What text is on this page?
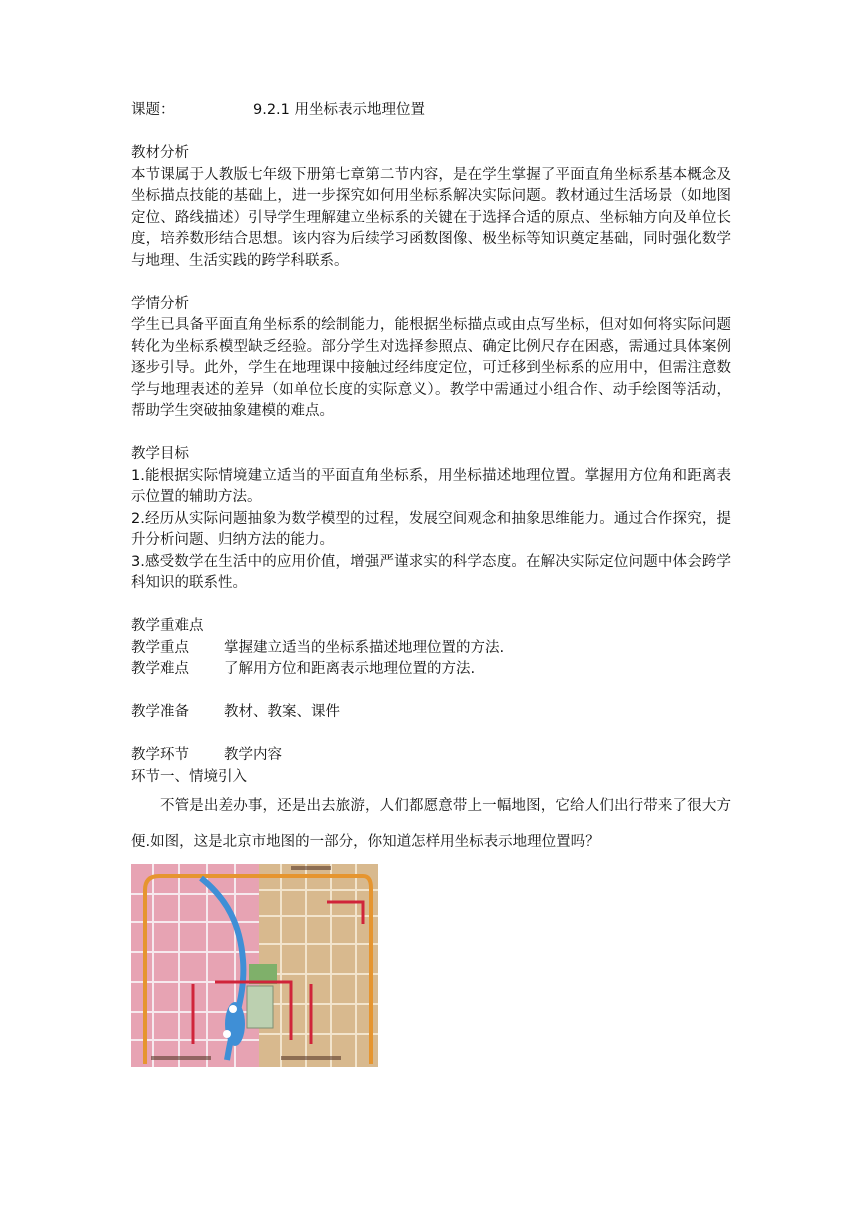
课题：	9.2.1 用坐标表示地理位置
教材分析
本节课属于人教版七年级下册第七章第二节内容，是在学生掌握了平面直角坐标系基本概念及坐标描点技能的基础上，进一步探究如何用坐标系解决实际问题。教材通过生活场景（如地图定位、路线描述）引导学生理解建立坐标系的关键在于选择合适的原点、坐标轴方向及单位长度，培养数形结合思想。该内容为后续学习函数图像、极坐标等知识奠定基础，同时强化数学与地理、生活实践的跨学科联系。
学情分析
学生已具备平面直角坐标系的绘制能力，能根据坐标描点或由点写坐标，但对如何将实际问题转化为坐标系模型缺乏经验。部分学生对选择参照点、确定比例尺存在困惑，需通过具体案例逐步引导。此外，学生在地理课中接触过经纬度定位，可迁移到坐标系的应用中，但需注意数学与地理表述的差异（如单位长度的实际意义）。教学中需通过小组合作、动手绘图等活动，帮助学生突破抽象建模的难点。
教学目标
1.能根据实际情境建立适当的平面直角坐标系，用坐标描述地理位置。掌握用方位角和距离表示位置的辅助方法。
2.经历从实际问题抽象为数学模型的过程，发展空间观念和抽象思维能力。通过合作探究，提升分析问题、归纳方法的能力。
3.感受数学在生活中的应用价值，增强严谨求实的科学态度。在解决实际定位问题中体会跨学科知识的联系性。
教学重难点
教学重点	掌握建立适当的坐标系描述地理位置的方法.
教学难点	了解用方位和距离表示地理位置的方法.
教学准备	教材、教案、课件
教学环节	教学内容
环节一、情境引入
不管是出差办事，还是出去旅游，人们都愿意带上一幅地图，它给人们出行带来了很大方便.如图，这是北京市地图的一部分，你知道怎样用坐标表示地理位置吗？
